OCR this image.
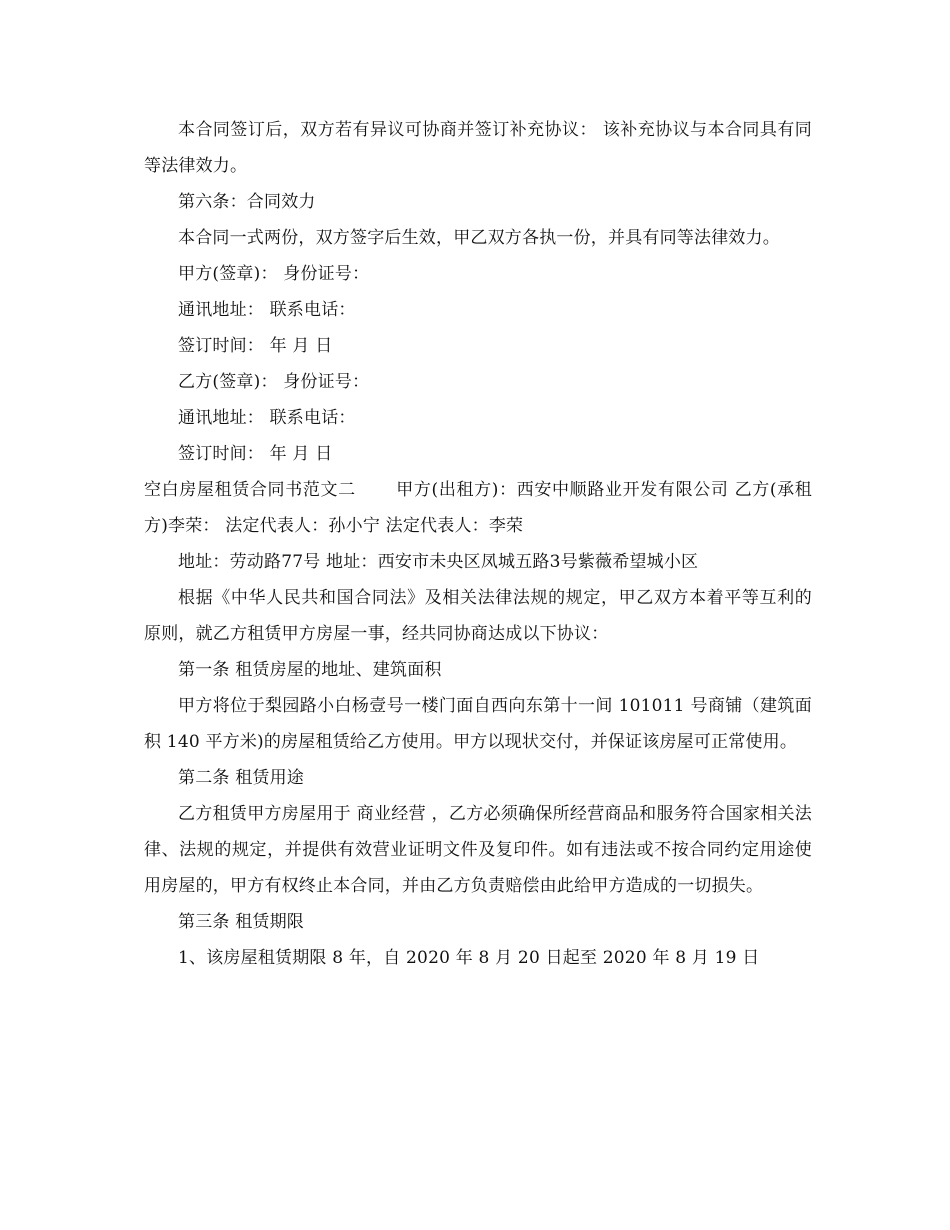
本合同签订后，双方若有异议可协商并签订补充协议： 该补充协议与本合同具有同等法律效力。

第六条：合同效力

本合同一式两份，双方签字后生效，甲乙双方各执一份，并具有同等法律效力。

甲方(签章)： 身份证号：

通讯地址： 联系电话：

签订时间： 年 月 日

乙方(签章)： 身份证号：

通讯地址： 联系电话：

签订时间： 年 月 日

空白房屋租赁合同书范文二 甲方(出租方)：西安中顺路业开发有限公司 乙方(承租方)李荣： 法定代表人：孙小宁 法定代表人：李荣

地址：劳动路77号 地址：西安市未央区凤城五路3号紫薇希望城小区

根据《中华人民共和国合同法》及相关法律法规的规定，甲乙双方本着平等互利的原则，就乙方租赁甲方房屋一事，经共同协商达成以下协议：

第一条 租赁房屋的地址、建筑面积

甲方将位于梨园路小白杨壹号一楼门面自西向东第十一间 101011 号商铺（建筑面积 140 平方米)的房屋租赁给乙方使用。甲方以现状交付，并保证该房屋可正常使用。

第二条 租赁用途

乙方租赁甲方房屋用于 商业经营 ，乙方必须确保所经营商品和服务符合国家相关法律、法规的规定，并提供有效营业证明文件及复印件。如有违法或不按合同约定用途使用房屋的，甲方有权终止本合同，并由乙方负责赔偿由此给甲方造成的一切损失。

第三条 租赁期限

1、该房屋租赁期限 8 年，自 2020 年 8 月 20 日起至 2020 年 8 月 19 日
